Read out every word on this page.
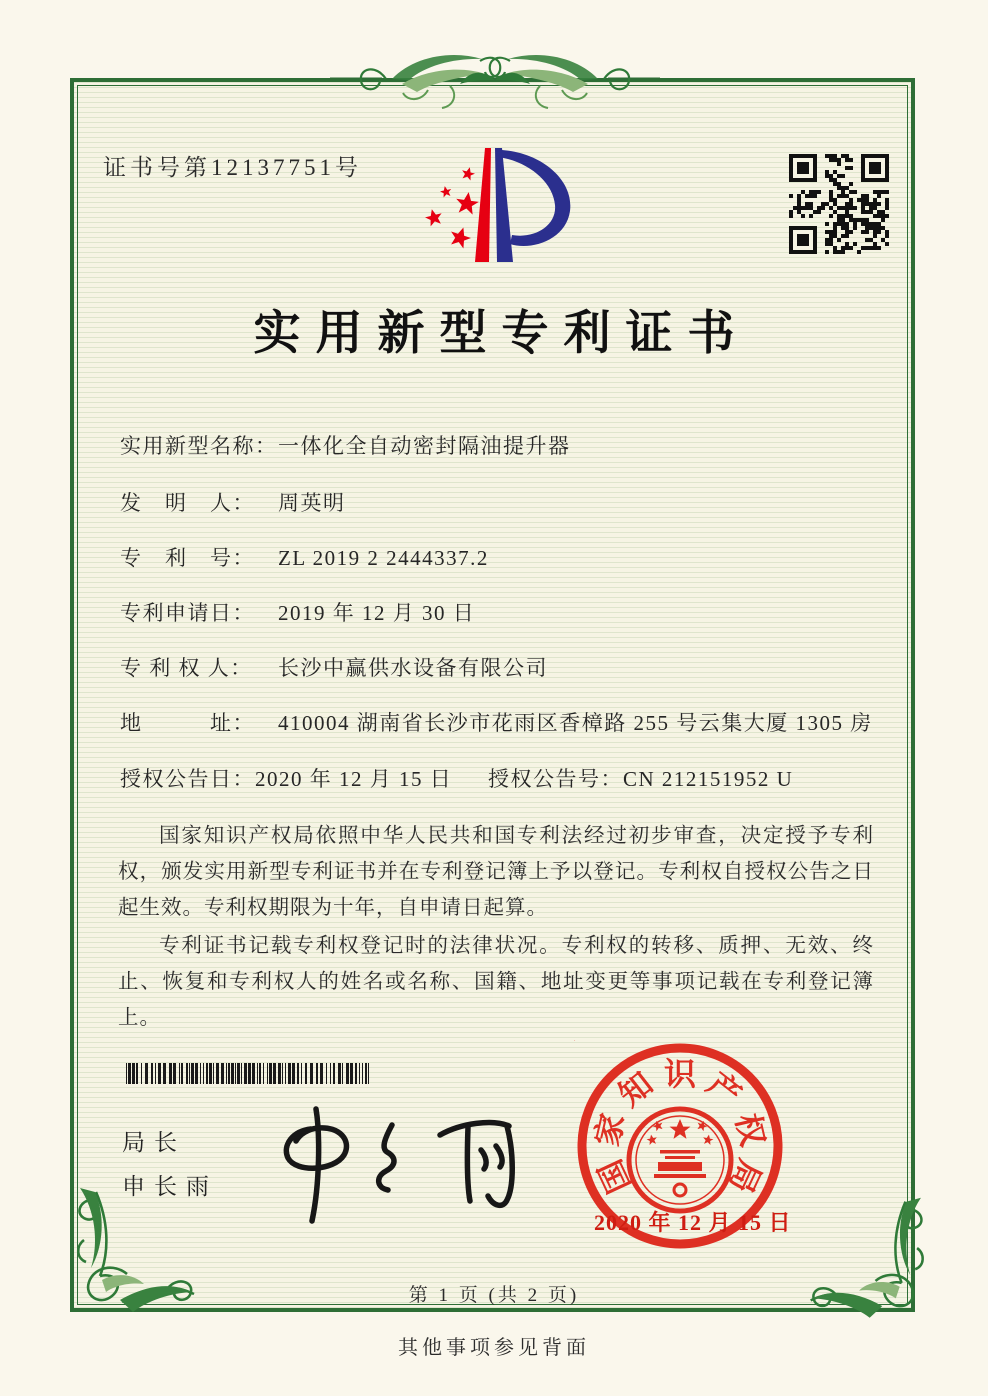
证书号第12137751号
实用新型专利证书
实用新型名称：一体化全自动密封隔油提升器
发　明　人： 周英明
专　利　号： ZL 2019 2 2444337.2
专利申请日： 2019 年 12 月 30 日
专 利 权 人： 长沙中赢供水设备有限公司
地　　　址： 410004 湖南省长沙市花雨区香樟路 255 号云集大厦 1305 房
授权公告日：2020 年 12 月 15 日 授权公告号：CN 212151952 U

国家知识产权局依照中华人民共和国专利法经过初步审查，决定授予专利权，颁发实用新型专利证书并在专利登记簿上予以登记。专利权自授权公告之日起生效。专利权期限为十年，自申请日起算。

专利证书记载专利权登记时的法律状况。专利权的转移、质押、无效、终止、恢复和专利权人的姓名或名称、国籍、地址变更等事项记载在专利登记簿上。

局长
申长雨	国
家
知 识 产
权
局
2020 年 12 月 15 日
第 1 页 (共 2 页)
其他事项参见背面
